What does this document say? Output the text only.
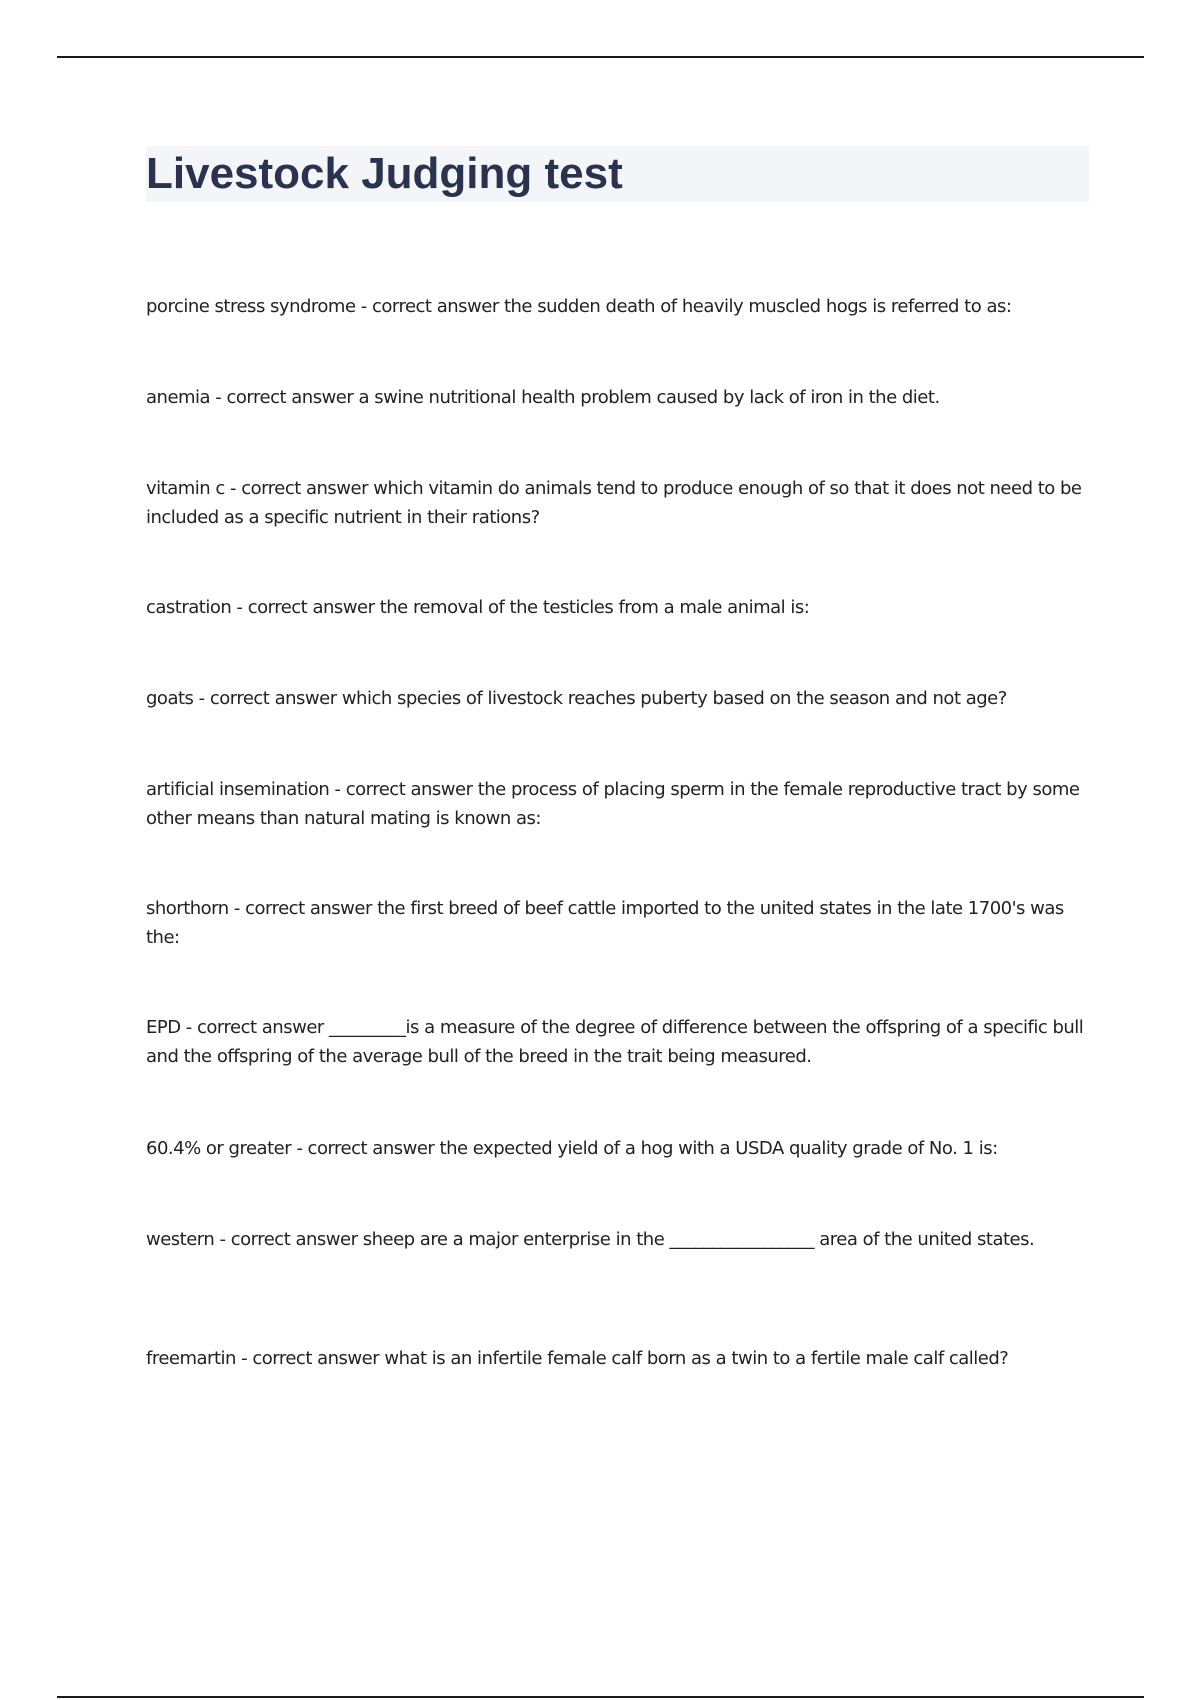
Livestock Judging test

porcine stress syndrome - correct answer the sudden death of heavily muscled hogs is referred to as:

anemia - correct answer a swine nutritional health problem caused by lack of iron in the diet.

vitamin c - correct answer which vitamin do animals tend to produce enough of so that it does not need to be included as a specific nutrient in their rations?

castration - correct answer the removal of the testicles from a male animal is:

goats - correct answer which species of livestock reaches puberty based on the season and not age?

artificial insemination - correct answer the process of placing sperm in the female reproductive tract by some other means than natural mating is known as:

shorthorn - correct answer the first breed of beef cattle imported to the united states in the late 1700's was the:

EPD - correct answer _________is a measure of the degree of difference between the offspring of a specific bull and the offspring of the average bull of the breed in the trait being measured.

60.4% or greater - correct answer the expected yield of a hog with a USDA quality grade of No. 1 is:

western - correct answer sheep are a major enterprise in the _________________ area of the united states.

freemartin - correct answer what is an infertile female calf born as a twin to a fertile male calf called?
